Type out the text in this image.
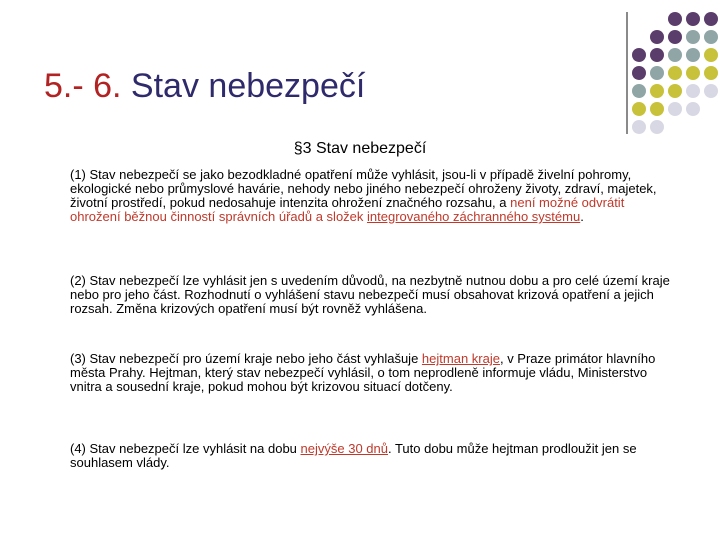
5.- 6. Stav nebezpečí
§3 Stav nebezpečí
(1) Stav nebezpečí se jako bezodkladné opatření může vyhlásit, jsou-li v případě živelní pohromy, ekologické nebo průmyslové havárie, nehody nebo jiného nebezpečí ohroženy životy, zdraví, majetek, životní prostředí, pokud nedosahuje intenzita ohrožení značného rozsahu, a není možné odvrátit ohrožení běžnou činností správních úřadů a složek integrovaného záchranného systému.
(2) Stav nebezpečí lze vyhlásit jen s uvedením důvodů, na nezbytně nutnou dobu a pro celé území kraje nebo pro jeho část. Rozhodnutí o vyhlášení stavu nebezpečí musí obsahovat krizová opatření a jejich rozsah. Změna krizových opatření musí být rovněž vyhlášena.
(3) Stav nebezpečí pro území kraje nebo jeho část vyhlašuje hejtman kraje, v Praze primátor hlavního města Prahy. Hejtman, který stav nebezpečí vyhlásil, o tom neprodleně informuje vládu, Ministerstvo vnitra a sousední kraje, pokud mohou být krizovou situací dotčeny.
(4) Stav nebezpečí lze vyhlásit na dobu nejvýše 30 dnů. Tuto dobu může hejtman prodloužit jen se souhlasem vlády.
